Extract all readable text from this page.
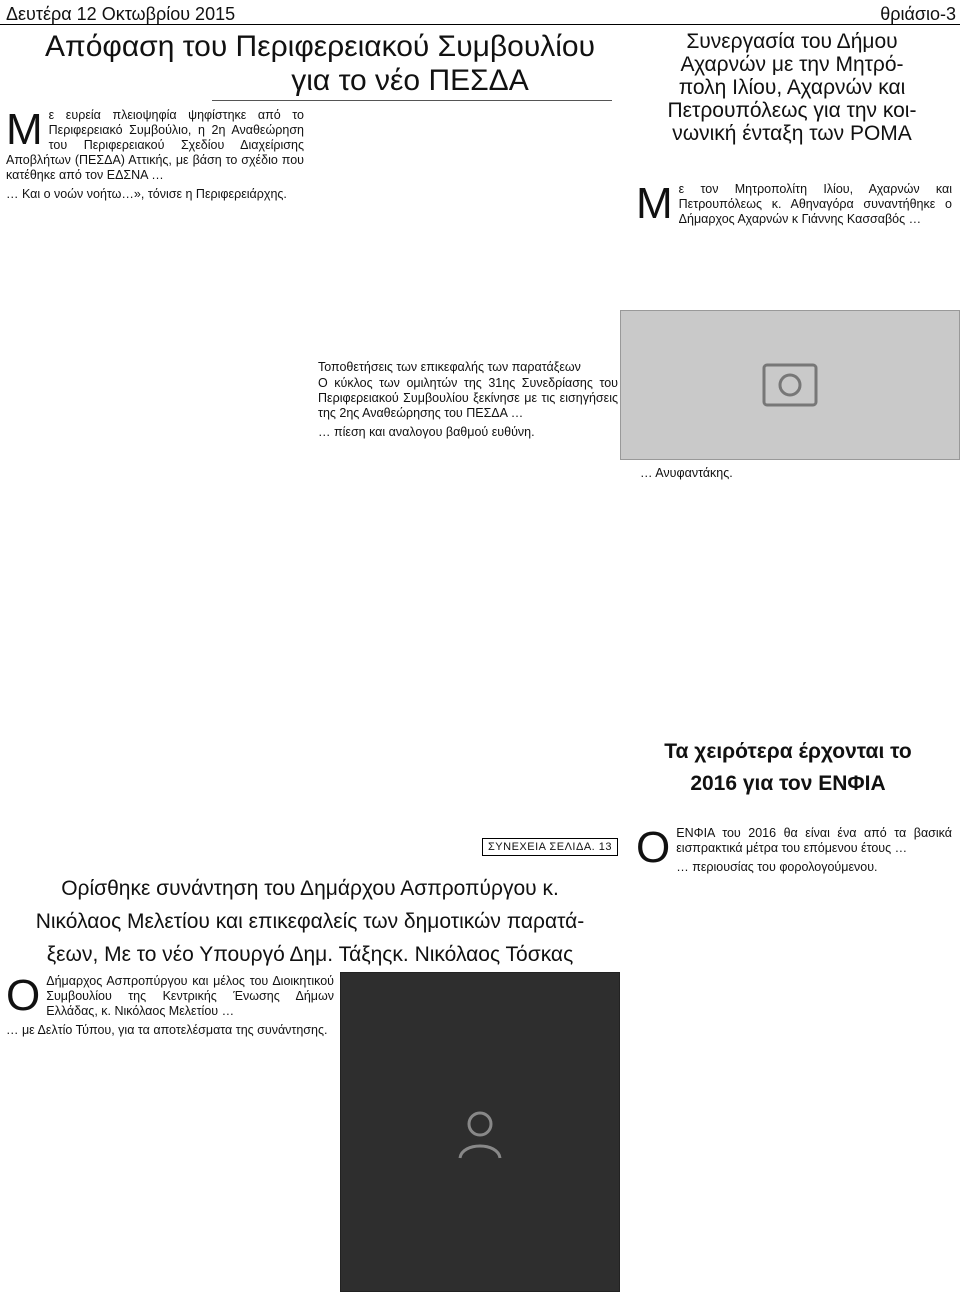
Δευτέρα 12 Οκτωβρίου 2015	θριάσιο-3
Απόφαση του Περιφερειακού Συμβουλίου
για το νέο ΠΕΣΔΑ

Μ ε ευρεία πλειοψηφία ψηφίστηκε από το Περιφερειακό Συμβούλιο, η 2η Αναθεώρηση του Περιφερειακού Σχεδίου Διαχείρισης Αποβλήτων (ΠΕΣΔΑ) Αττικής, με βάση το σχέδιο που κατέθηκε από τον ΕΔΣΝΑ …

… Και ο νοών νοήτω…», τόνισε η Περιφερειάρχης.

Συνεργασία του Δήμου
Αχαρνών με την Μητρό-
πολη Ιλίου, Αχαρνών και
Πετρουπόλεως για την κοι-
νωνική ένταξη των ΡΟΜΑ

Μ ε τον Μητροπολίτη Ιλίου, Αχαρνών και Πετρουπόλεως κ. Αθηναγόρα συναντήθηκε ο Δήμαρχος Αχαρνών κ Γιάννης Κασσαβός …

… Ανυφαντάκης.

Τοποθετήσεις των επικεφαλής των παρατάξεων

Ο κύκλος των ομιλητών της 31ης Συνεδρίασης του Περιφερειακού Συμβουλίου ξεκίνησε με τις εισηγήσεις της 2ης Αναθεώρησης του ΠΕΣΔΑ …

… πίεση και αναλογου βαθμού ευθύνη.

ΣΥΝΕΧΕΙΑ ΣΕΛΙΔΑ. 13
Ορίσθηκε συνάντηση του Δημάρχου Ασπροπύργου κ.
Νικόλαος Μελετίου και επικεφαλείς των δημοτικών παρατά-
ξεων, Με το νέο Υπουργό Δημ. Τάξηςκ. Νικόλαος Τόσκας

Ο Δήμαρχος Ασπροπύργου και μέλος του Διοικητικού Συμβουλίου της Κεντρικής Ένωσης Δήμων Ελλάδας, κ. Νικόλαος Μελετίου …

… με Δελτίο Τύπου, για τα αποτελέσματα της συνάντησης.

Τα χειρότερα έρχονται το
2016 για τον ΕΝΦΙΑ

Ο ΕΝΦΙΑ του 2016 θα είναι ένα από τα βασικά εισπρακτικά μέτρα του επόμενου έτους …

… περιουσίας του φορολογούμενου.
